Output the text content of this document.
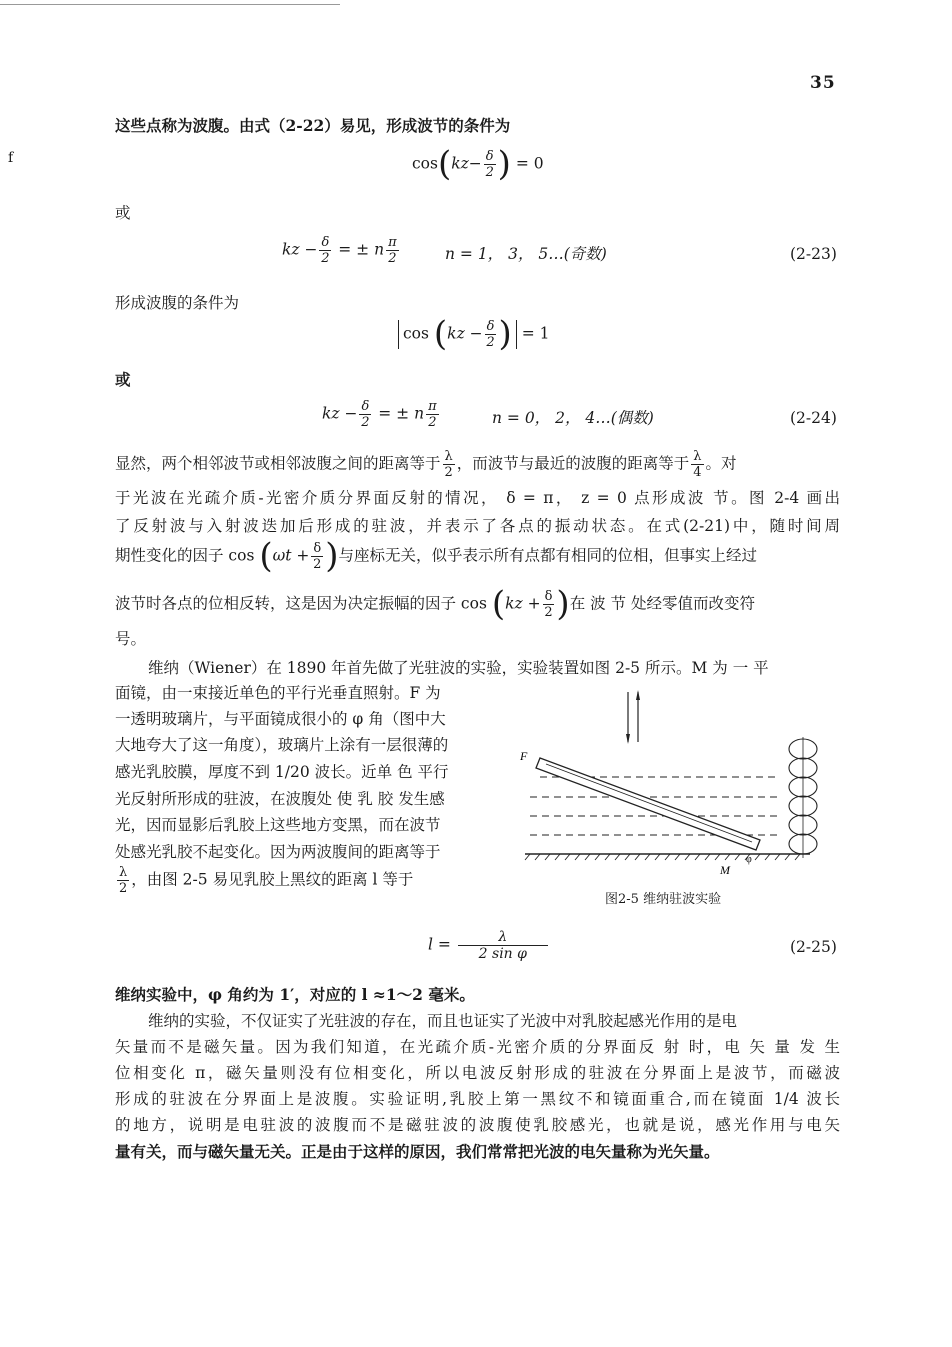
35
f
这些点称为波腹。由式（2-22）易见，形成波节的条件为
$\cos(kz- \frac{\delta}{2}$ ) = 0
或
kz − $\frac{\delta}{2}$ = ± n $\frac{\pi}{2}$	n = 1， 3， 5…(奇数)	(2-23)
形成波腹的条件为
$\cos (kz - \frac{\delta}{2}$ ) = 1
或
kz − $\frac{\delta}{2}$ = ± n $\frac{\pi}{2}$	n = 0， 2， 4…(偶数)	(2-24)
显然，两个相邻波节或相邻波腹之间的距离等于 $\frac{\lambda}{2}$ ，而波节与最近的波腹的距离等于 $\frac{\lambda}{4}$ 。对
于光波在光疏介质-光密介质分界面反射的情况， δ = π， z = 0 点形成波 节。图 2-4 画出
了反射波与入射波迭加后形成的驻波，并表示了各点的振动状态。在式(2-21)中，随时间周
期性变化的因子 $\cos (\omega t + \frac{\delta}{2}$ )与座标无关，似乎表示所有点都有相同的位相，但事实上经过
波节时各点的位相反转，这是因为决定振幅的因子 $\cos (kz + \frac{\delta}{2}$ )在 波 节 处经零值而改变符
号。
维纳（Wiener）在 1890 年首先做了光驻波的实验，实验装置如图 2-5 所示。M 为 一 平
面镜，由一束接近单色的平行光垂直照射。F 为
一透明玻璃片，与平面镜成很小的 φ 角（图中大
大地夸大了这一角度），玻璃片上涂有一层很薄的
感光乳胶膜，厚度不到 1/20 波长。近单 色 平行
光反射所形成的驻波，在波腹处 使 乳 胶 发生感
光，因而显影后乳胶上这些地方变黑，而在波节
处感光乳胶不起变化。因为两波腹间的距离等于
$\frac{\lambda}{2}$ ，由图 2-5 易见乳胶上黑纹的距离 l 等于
F
M
φ
图2-5 维纳驻波实验
$l = \frac{\lambda}{\text{2 sin φ}}$	(2-25)
维纳实验中，φ 角约为 1′，对应的 l ≈1～2 毫米。
维纳的实验，不仅证实了光驻波的存在，而且也证实了光波中对乳胶起感光作用的是电
矢量而不是磁矢量。因为我们知道，在光疏介质-光密介质的分界面反 射 时，电 矢 量 发 生
位相变化 π，磁矢量则没有位相变化，所以电波反射形成的驻波在分界面上是波节，而磁波
形成的驻波在分界面上是波腹。实验证明,乳胶上第一黑纹不和镜面重合,而在镜面 1/4 波长
的地方，说明是电驻波的波腹而不是磁驻波的波腹使乳胶感光，也就是说，感光作用与电矢
量有关，而与磁矢量无关。正是由于这样的原因，我们常常把光波的电矢量称为光矢量。
